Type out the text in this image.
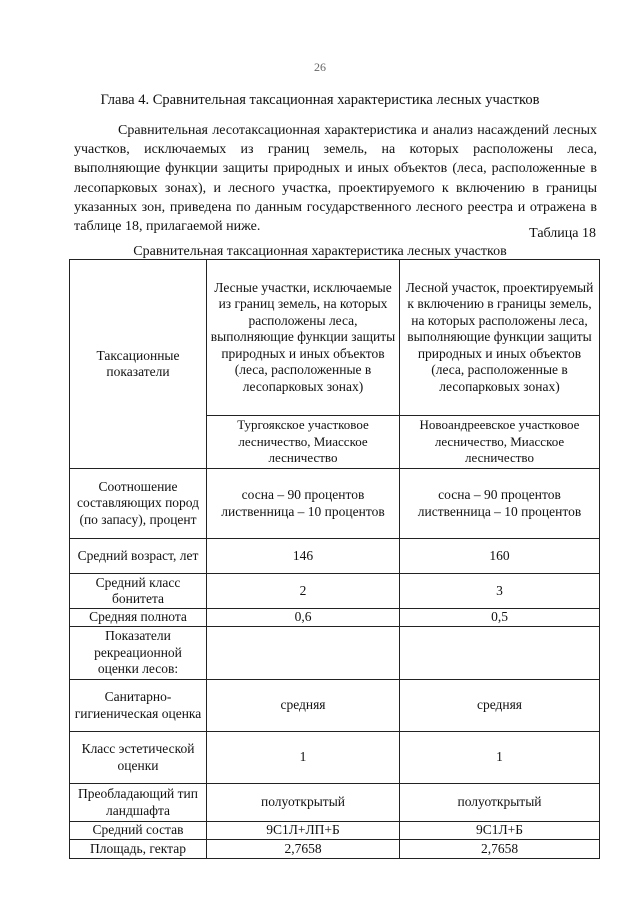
26
Глава 4. Сравнительная таксационная характеристика лесных участков

Сравнительная лесотаксационная характеристика и анализ насаждений лесных участков, исключаемых из границ земель, на которых расположены леса, выполняющие функции защиты природных и иных объектов (леса, расположенные в лесопарковых зонах), и лесного участка, проектируемого к включению в границы указанных зон, приведена по данным государственного лесного реестра и отражена в таблице 18, прилагаемой ниже.	Таблица 18
Сравнительная таксационная характеристика лесных участков
Таксационные показатели	Лесные участки, исключаемые из границ земель, на которых расположены леса, выполняющие функции защиты природных и иных объектов (леса, расположенные в лесопарковых зонах)	Лесной участок, проектируемый к включению в границы земель, на которых расположены леса, выполняющие функции защиты природных и иных объектов (леса, расположенные в лесопарковых зонах)
	Тургоякское участковое лесничество, Миасское лесничество	Новоандреевское участковое лесничество, Миасское лесничество
Соотношение составляющих пород (по запасу), процент	сосна – 90 процентов лиственница – 10 процентов	сосна – 90 процентов лиственница – 10 процентов
Средний возраст, лет	146	160
Средний класс бонитета	2	3
Средняя полнота	0,6	0,5
Показатели рекреационной оценки лесов:		
Санитарно-гигиеническая оценка	средняя	средняя
Класс эстетической оценки	1	1
Преобладающий тип ландшафта	полуоткрытый	полуоткрытый
Средний состав	9С1Л+ЛП+Б	9С1Л+Б
Площадь, гектар	2,7658	2,7658
